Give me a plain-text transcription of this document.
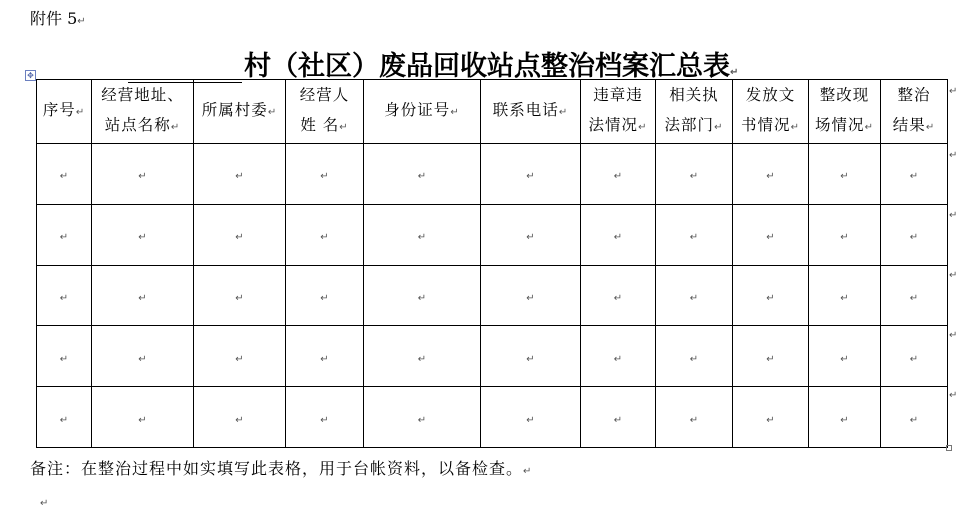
附件 5↵
村（社区）废品回收站点整治档案汇总表↵
✥
序号↵	经营地址、
站点名称↵	所属村委↵	经营人
姓 名↵	身份证号↵	联系电话↵	违章违
法情况↵	相关执
法部门↵	发放文
书情况↵	整改现
场情况↵	整治
结果↵
↵	↵	↵	↵	↵	↵	↵	↵	↵	↵	↵
↵	↵	↵	↵	↵	↵	↵	↵	↵	↵	↵
↵	↵	↵	↵	↵	↵	↵	↵	↵	↵	↵
↵	↵	↵	↵	↵	↵	↵	↵	↵	↵	↵
↵	↵	↵	↵	↵	↵	↵	↵	↵	↵	↵
↵
↵
↵
↵
↵
↵
备注：在整治过程中如实填写此表格，用于台帐资料，以备检查。↵
↵
